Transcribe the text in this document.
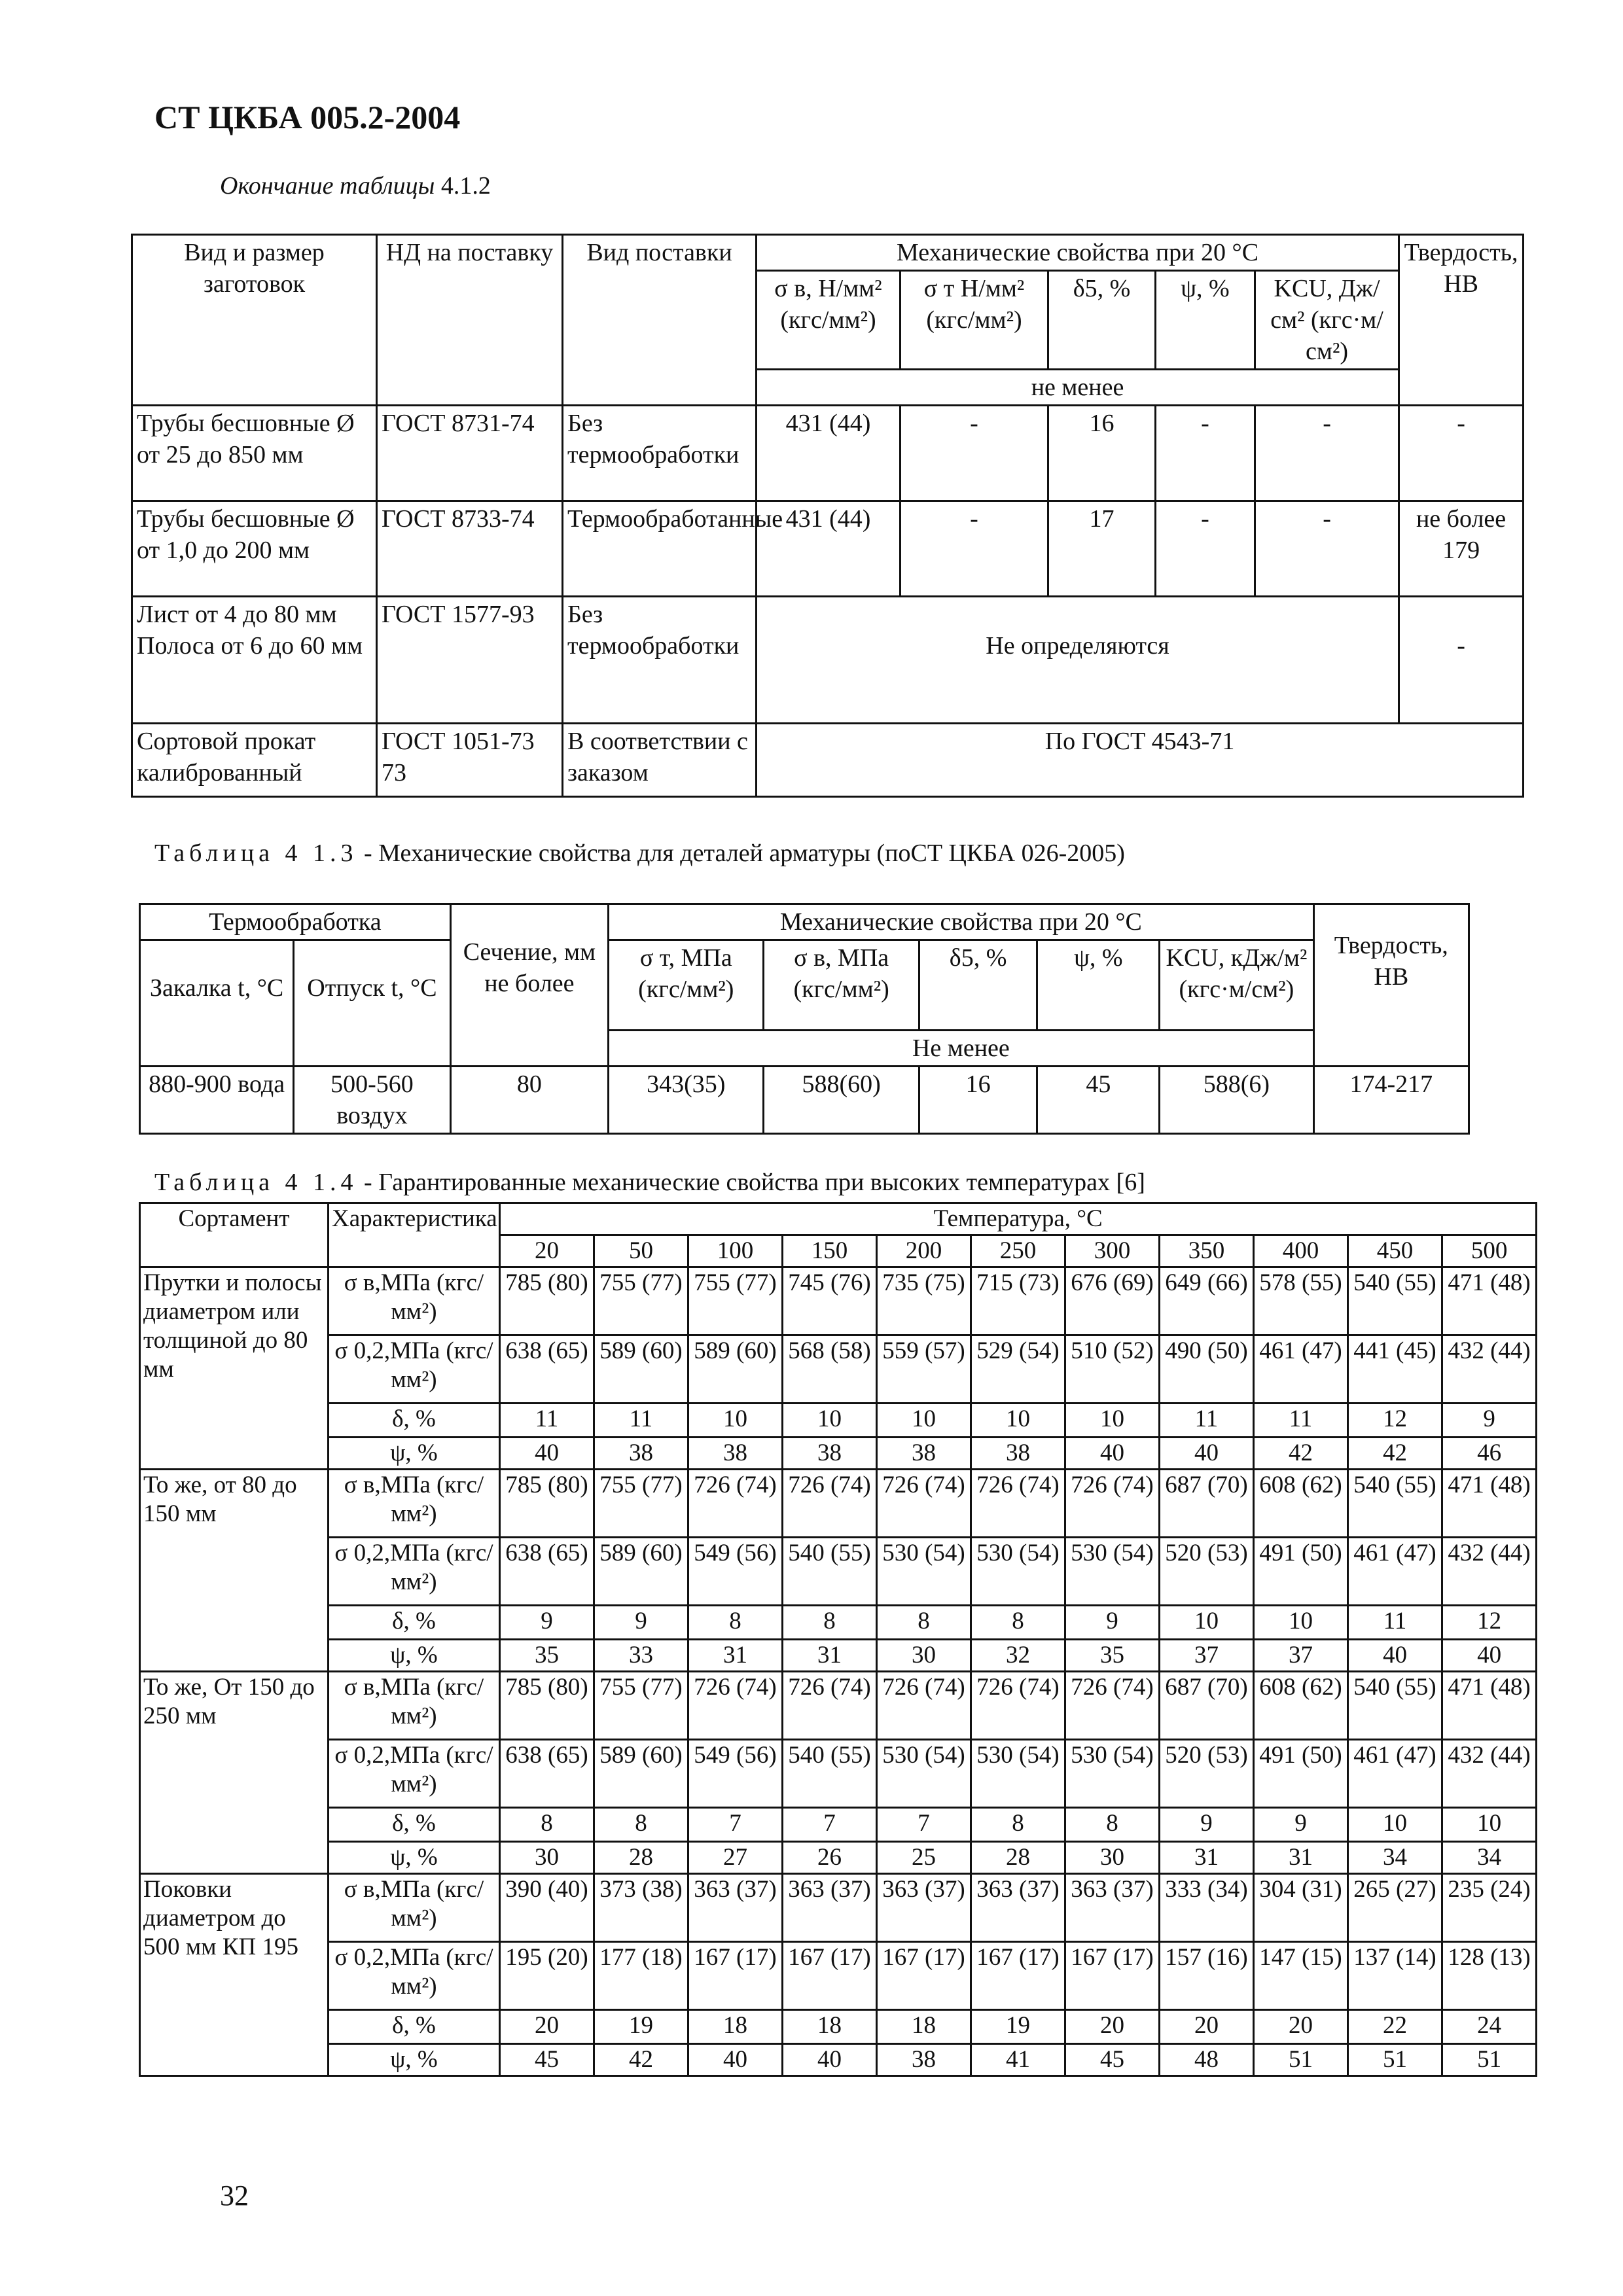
СТ ЦКБА 005.2-2004
Окончание таблицы 4.1.2
Вид и размер заготовок	НД на поставку	Вид поставки	Механические свойства при 20 °С					Твердость, НВ
			σ в, Н/мм² (кгс/мм²)	σ т Н/мм² (кгс/мм²)	δ5, %	ψ, %	KCU, Дж/см² (кгс·м/см²)	
			не менее					
Трубы бесшовные Ø от 25 до 850 мм	ГОСТ 8731-74	Без термообработки	431 (44)	-	16	-	-	-
Трубы бесшовные Ø от 1,0 до 200 мм	ГОСТ 8733-74	Термообработанные	431 (44)	-	17	-	-	не более 179
Лист от 4 до 80 мм Полоса от 6 до 60 мм	ГОСТ 1577-93	Без термообработки	Не определяются					-
Сортовой прокат калиброванный	ГОСТ 1051-73 73	В соответствии с заказом	По ГОСТ 4543-71					
Таблица 4 1.3 - Механические свойства для деталей арматуры (поСТ ЦКБА 026-2005)
Термообработка		Сечение, мм не более	Механические свойства при 20 °С					Твердость, НВ
Закалка t, °С	Отпуск t, °С		σ т, МПа (кгс/мм²)	σ в, МПа (кгс/мм²)	δ5, %	ψ, %	KCU, кДж/м² (кгс·м/см²)	
			Не менее					
880-900 вода	500-560 воздух	80	343(35)	588(60)	16	45	588(6)	174-217
Таблица 4 1.4 - Гарантированные механические свойства при высоких температурах [6]
Сортамент	Характеристика	Температура, °С										
		20	50	100	150	200	250	300	350	400	450	500
Прутки и полосы диаметром или толщиной до 80 мм	σ в,МПа (кгс/мм²)	785 (80)	755 (77)	755 (77)	745 (76)	735 (75)	715 (73)	676 (69)	649 (66)	578 (55)	540 (55)	471 (48)
	σ 0,2,МПа (кгс/мм²)	638 (65)	589 (60)	589 (60)	568 (58)	559 (57)	529 (54)	510 (52)	490 (50)	461 (47)	441 (45)	432 (44)
	δ, %	11	11	10	10	10	10	10	11	11	12	9
	ψ, %	40	38	38	38	38	38	40	40	42	42	46
То же, от 80 до 150 мм	σ в,МПа (кгс/мм²)	785 (80)	755 (77)	726 (74)	726 (74)	726 (74)	726 (74)	726 (74)	687 (70)	608 (62)	540 (55)	471 (48)
	σ 0,2,МПа (кгс/мм²)	638 (65)	589 (60)	549 (56)	540 (55)	530 (54)	530 (54)	530 (54)	520 (53)	491 (50)	461 (47)	432 (44)
	δ, %	9	9	8	8	8	8	9	10	10	11	12
	ψ, %	35	33	31	31	30	32	35	37	37	40	40
То же, От 150 до 250 мм	σ в,МПа (кгс/мм²)	785 (80)	755 (77)	726 (74)	726 (74)	726 (74)	726 (74)	726 (74)	687 (70)	608 (62)	540 (55)	471 (48)
	σ 0,2,МПа (кгс/мм²)	638 (65)	589 (60)	549 (56)	540 (55)	530 (54)	530 (54)	530 (54)	520 (53)	491 (50)	461 (47)	432 (44)
	δ, %	8	8	7	7	7	8	8	9	9	10	10
	ψ, %	30	28	27	26	25	28	30	31	31	34	34
Поковки диаметром до 500 мм КП 195	σ в,МПа (кгс/мм²)	390 (40)	373 (38)	363 (37)	363 (37)	363 (37)	363 (37)	363 (37)	333 (34)	304 (31)	265 (27)	235 (24)
	σ 0,2,МПа (кгс/мм²)	195 (20)	177 (18)	167 (17)	167 (17)	167 (17)	167 (17)	167 (17)	157 (16)	147 (15)	137 (14)	128 (13)
	δ, %	20	19	18	18	18	19	20	20	20	22	24
	ψ, %	45	42	40	40	38	41	45	48	51	51	51
32
